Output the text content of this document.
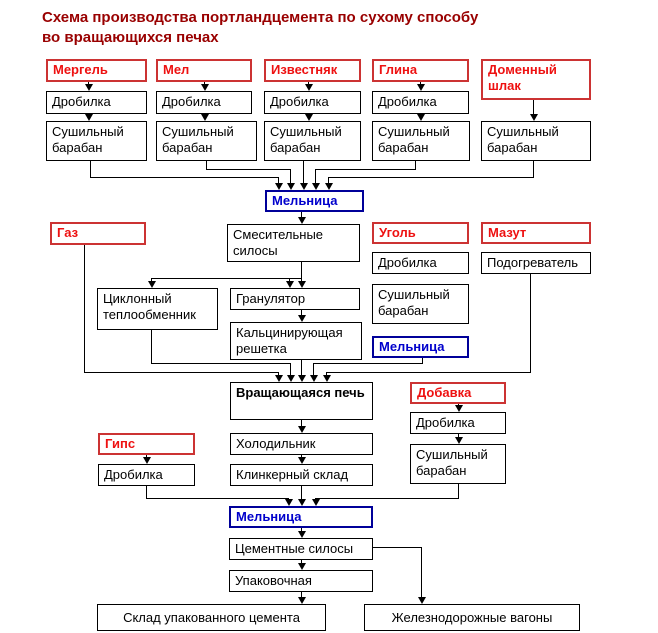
Схема производства портландцемента по сухому способу
во вращающихся печах
Мергель	Мел	Известняк	Глина	Доменный шлак
Дробилка	Дробилка	Дробилка	Дробилка
Сушильный барабан
Сушильный барабан
Сушильный барабан
Сушильный барабан
Сушильный барабан
Мельница
Смесительные силосы
Газ
Циклонный теплообменник
Гранулятор
Кальцинирующая решетка
Уголь
Дробилка
Сушильный барабан
Мельница
Мазут
Подогреватель
Вращающаяся печь	Добавка
Дробилка
Сушильный барабан
Гипс
Дробилка
Холодильник
Клинкерный склад
Мельница
Цементные силосы
Упаковочная
Склад упакованного цемента	Железнодорожные вагоны
